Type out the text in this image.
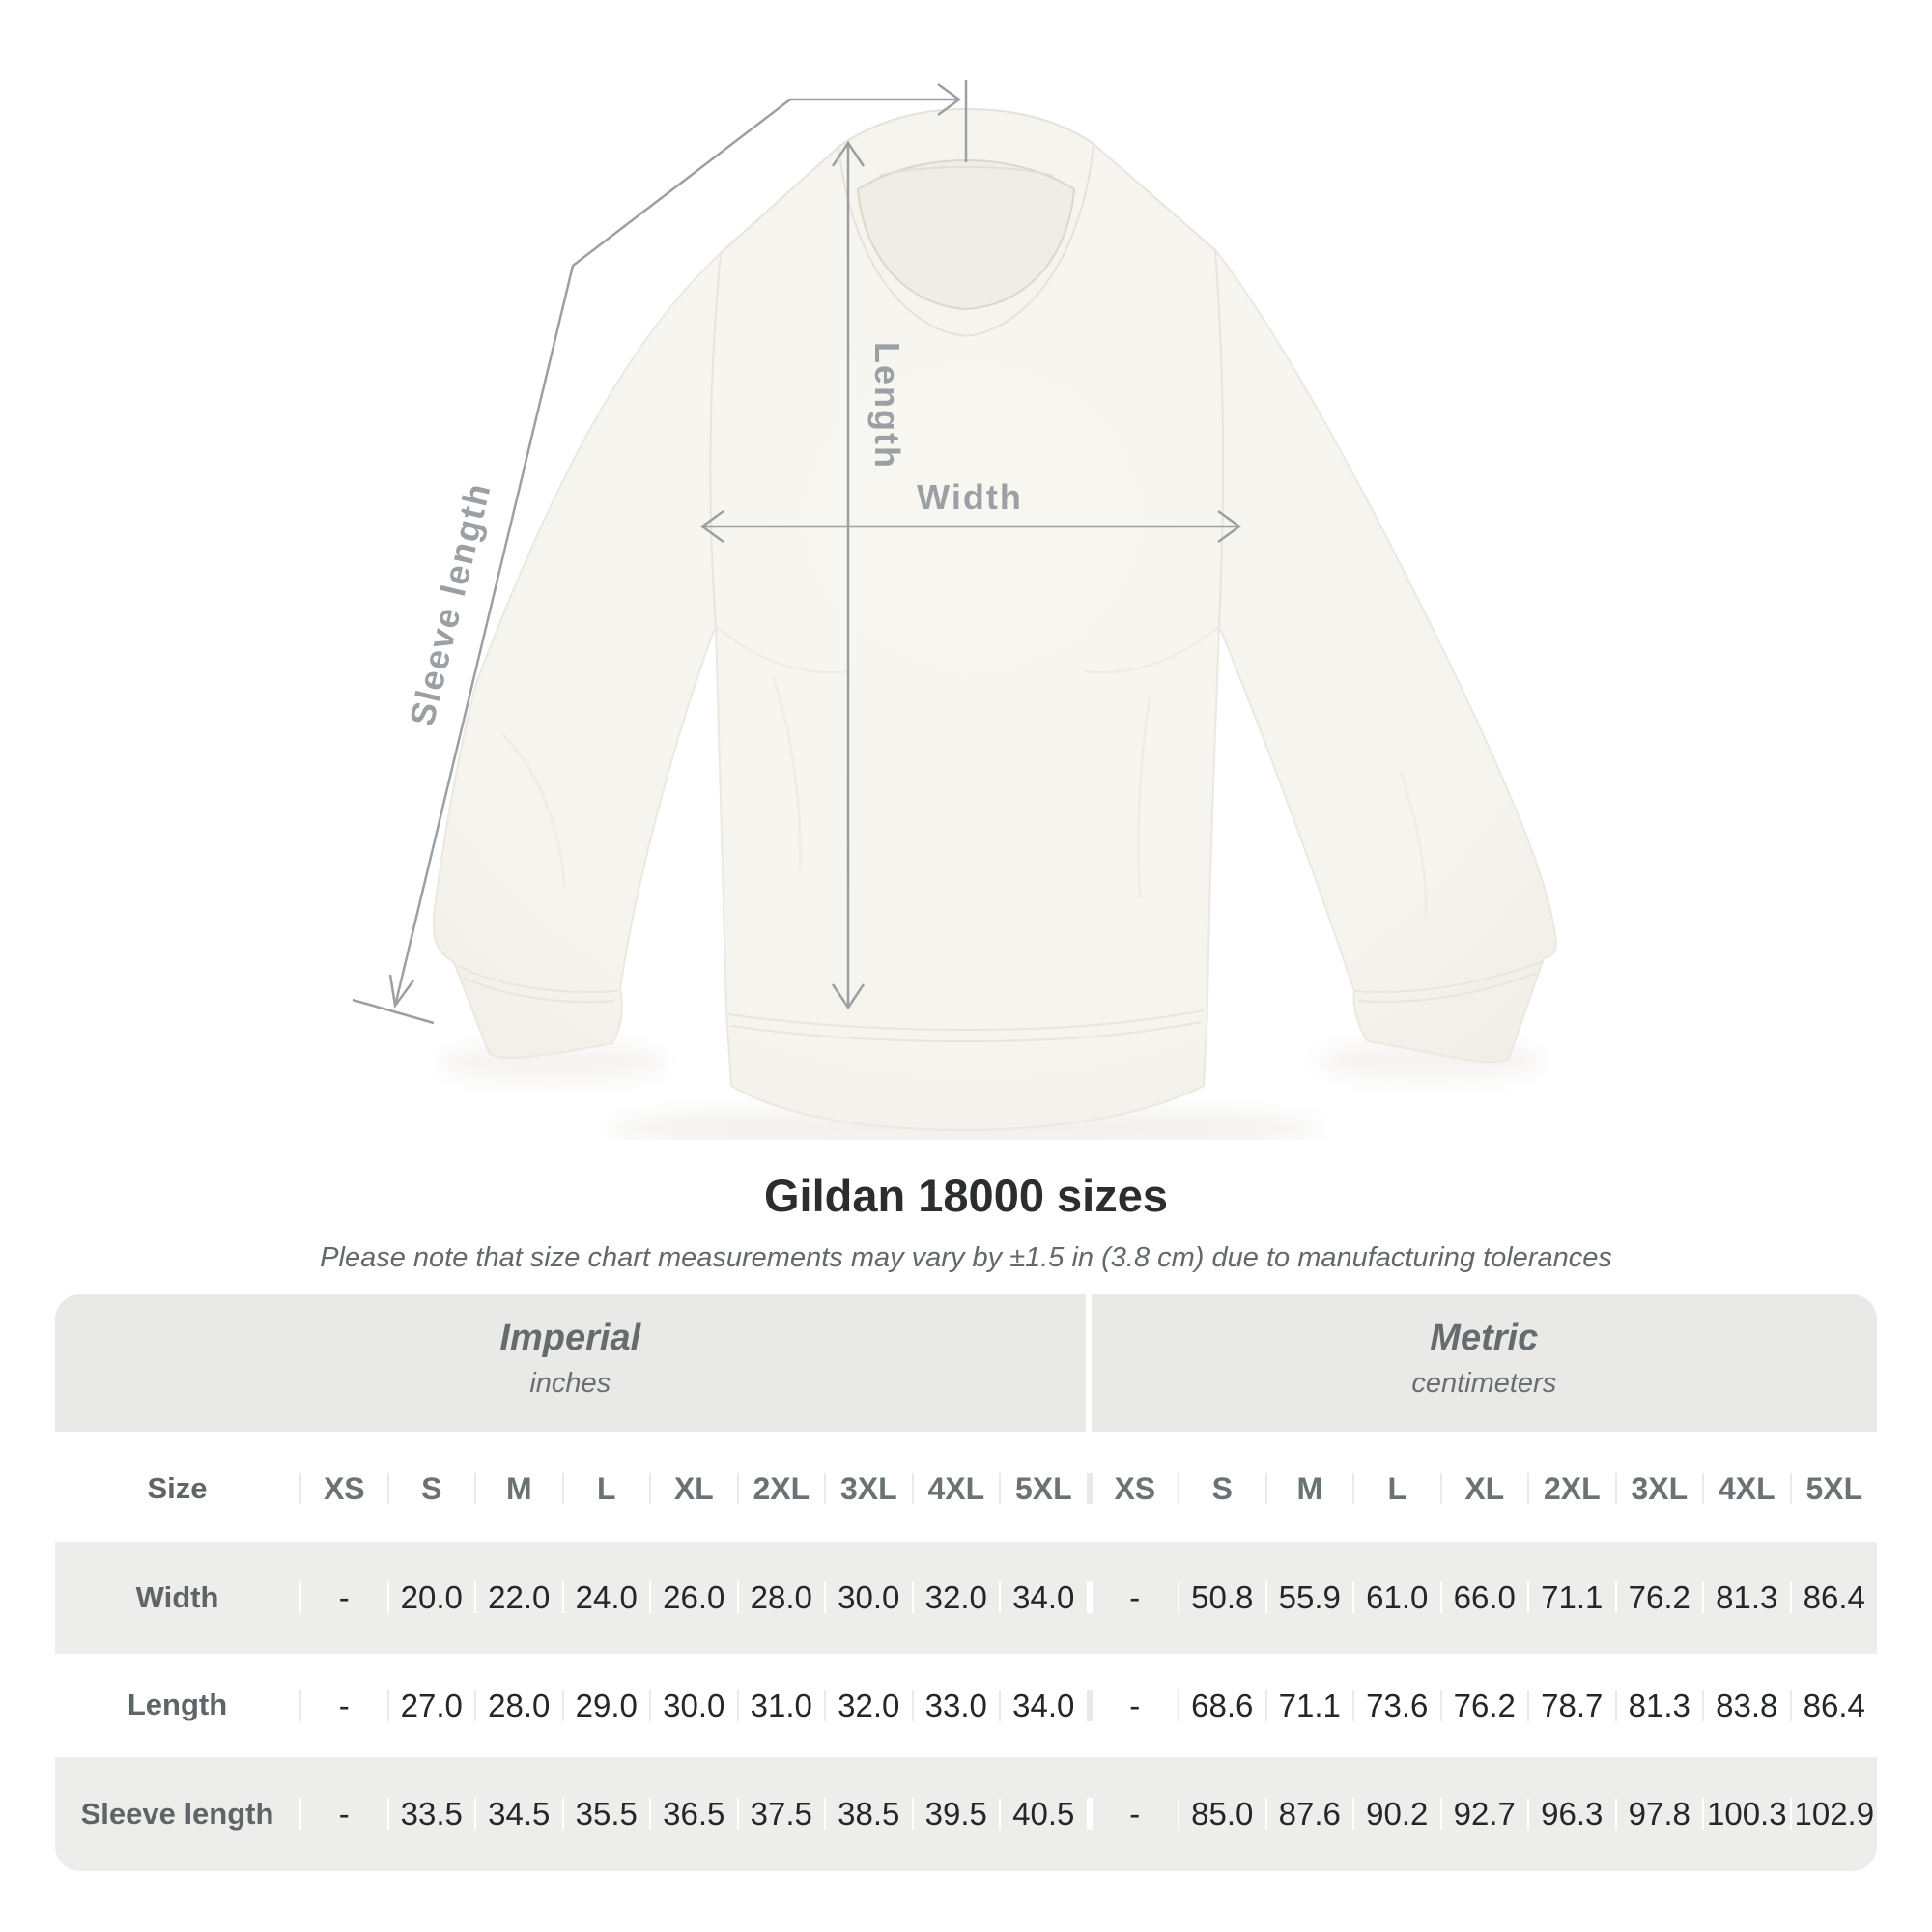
Length
Width
Sleeve length
Gildan 18000 sizes

Please note that size chart measurements may vary by ±1.5 in (3.8 cm) due to manufacturing tolerances

Imperial
inches
Metric
centimeters
Size	XS	S	M	L	XL	2XL 3XL 4XL 5XL	XS	S	M	L	XL	2XL 3XL 4XL 5XL
Width	-	20.0 22.0 24.0 26.0 28.0 30.0 32.0 34.0	-	50.8 55.9 61.0 66.0 71.1 76.2 81.3 86.4
Length	-	27.0 28.0 29.0 30.0 31.0 32.0 33.0 34.0	-	68.6 71.1 73.6 76.2 78.7 81.3 83.8 86.4
Sleeve length	-	33.5 34.5 35.5 36.5 37.5 38.5 39.5 40.5	-	85.0 87.6 90.2 92.7 96.3 97.8 100.3 102.9
